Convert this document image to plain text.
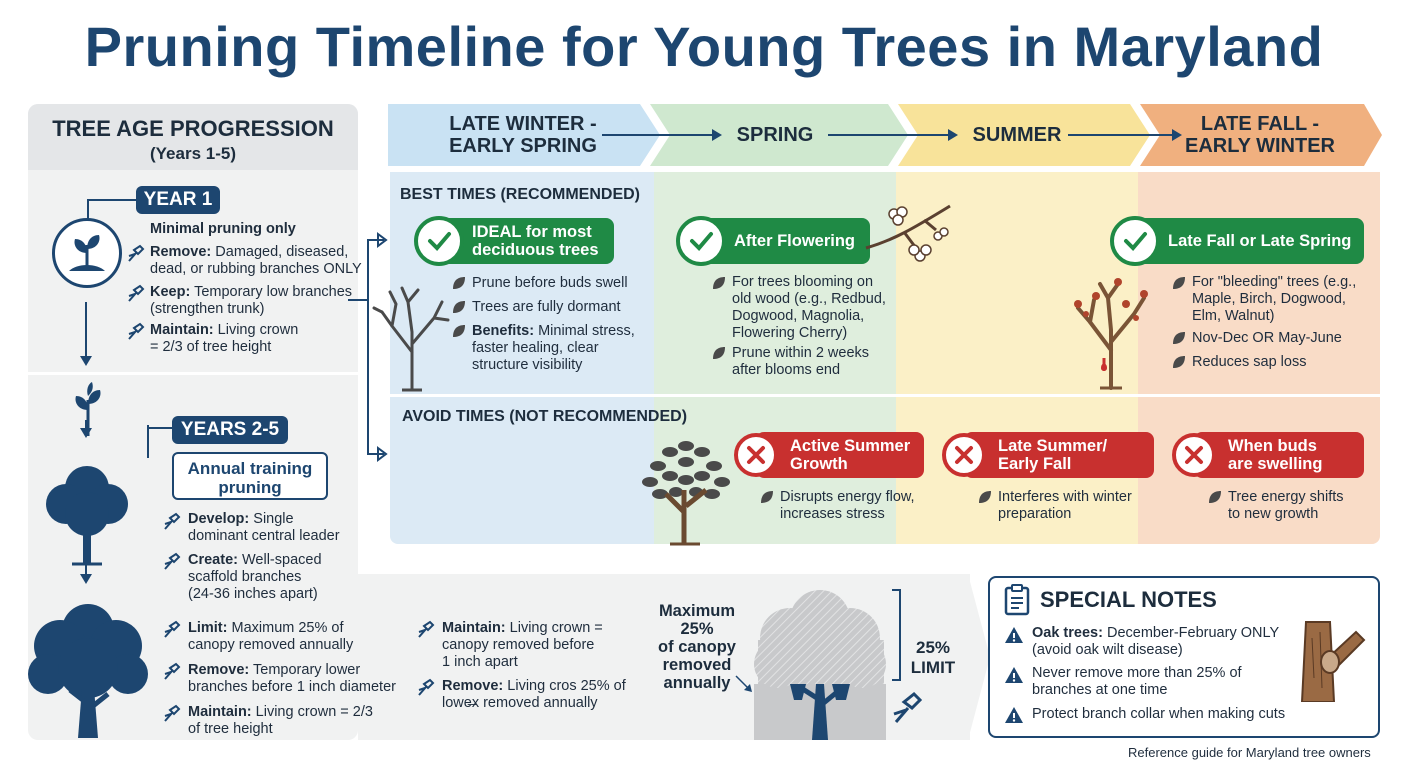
Pruning Timeline for Young Trees in Maryland
TREE AGE PROGRESSION
(Years 1-5)
YEAR 1
Minimal pruning only
Remove: Damaged, diseased,
dead, or rubbing branches ONLY
Keep: Temporary low branches
(strengthen trunk)
Maintain: Living crown
= 2/3 of tree height
YEARS 2-5
Annual training
pruning
Develop: Single
dominant central leader
Create: Well-spaced
scaffold branches
(24-36 inches apart)
Limit: Maximum 25% of
canopy removed annually
Remove: Temporary lower
branches before 1 inch diameter
Maintain: Living crown = 2/3
of tree height
Maintain: Living crown =
canopy removed before
1 inch apart
Remove: Living cros 25% of
lowe̶x removed annually
Maximum
25%
of canopy
removed
annually
25%
LIMIT
LATE WINTER -
EARLY SPRING	SPRING	SUMMER	LATE FALL -
EARLY WINTER
BEST TIMES (RECOMMENDED)
IDEAL for most
deciduous trees
Prune before buds swell
Trees are fully dormant
Benefits: Minimal stress,
faster healing, clear
structure visibility
After Flowering
For trees blooming on
old wood (e.g., Redbud,
Dogwood, Magnolia,
Flowering Cherry)
Prune within 2 weeks
after blooms end
Late Fall or Late Spring
For "bleeding" trees (e.g.,
Maple, Birch, Dogwood,
Elm, Walnut)
Nov-Dec OR May-June
Reduces sap loss
AVOID TIMES (NOT RECOMMENDED)
Active Summer
Growth
Disrupts energy flow,
increases stress
Late Summer/
Early Fall
Interferes with winter
preparation
When buds
are swelling
Tree energy shifts
to new growth
SPECIAL NOTES
Oak trees: December-February ONLY
(avoid oak wilt disease)
Never remove more than 25% of
branches at one time
Protect branch collar when making cuts
Reference guide for Maryland tree owners
